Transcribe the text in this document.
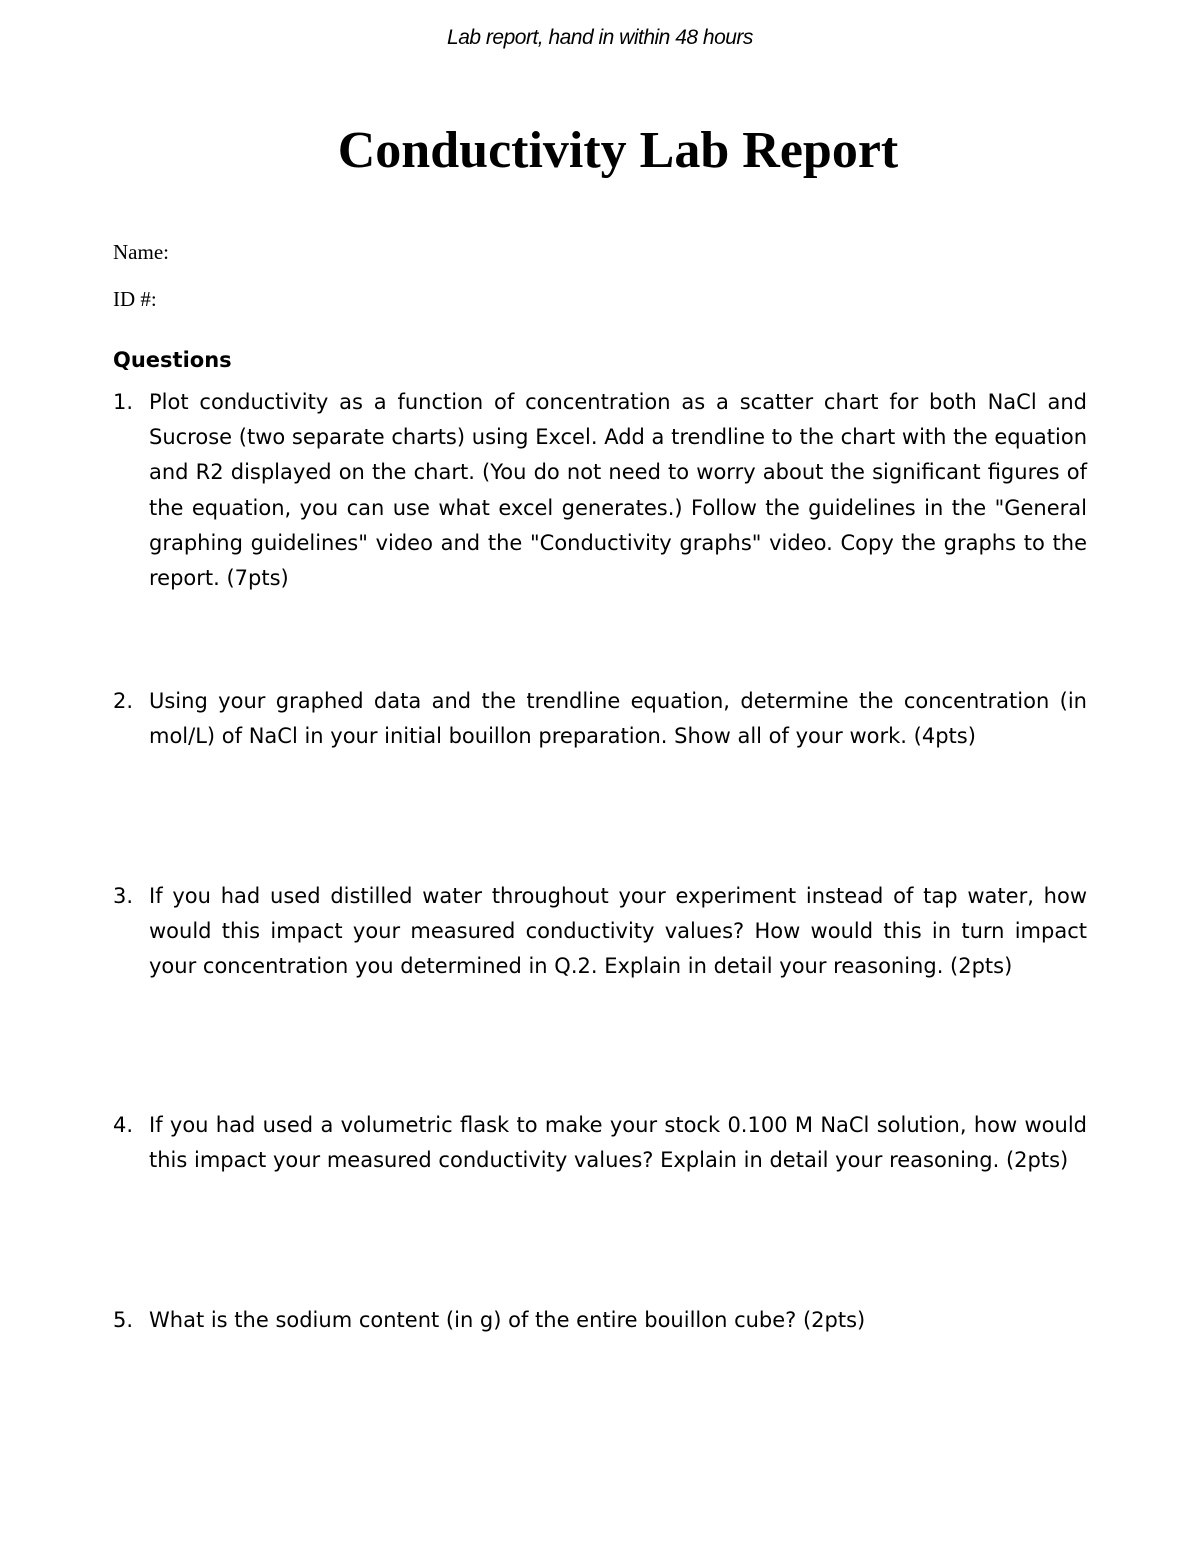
Lab report, hand in within 48 hours
Conductivity Lab Report
Name:
ID #:
Questions
1. Plot conductivity as a function of concentration as a scatter chart for both NaCl and Sucrose (two separate charts) using Excel. Add a trendline to the chart with the equation and R2 displayed on the chart. (You do not need to worry about the significant figures of the equation, you can use what excel generates.) Follow the guidelines in the "General graphing guidelines" video and the "Conductivity graphs" video. Copy the graphs to the report. (7pts)
2. Using your graphed data and the trendline equation, determine the concentration (in mol/L) of NaCl in your initial bouillon preparation. Show all of your work. (4pts)
3. If you had used distilled water throughout your experiment instead of tap water, how would this impact your measured conductivity values? How would this in turn impact your concentration you determined in Q.2. Explain in detail your reasoning. (2pts)
4. If you had used a volumetric flask to make your stock 0.100 M NaCl solution, how would this impact your measured conductivity values? Explain in detail your reasoning. (2pts)
5. What is the sodium content (in g) of the entire bouillon cube? (2pts)
